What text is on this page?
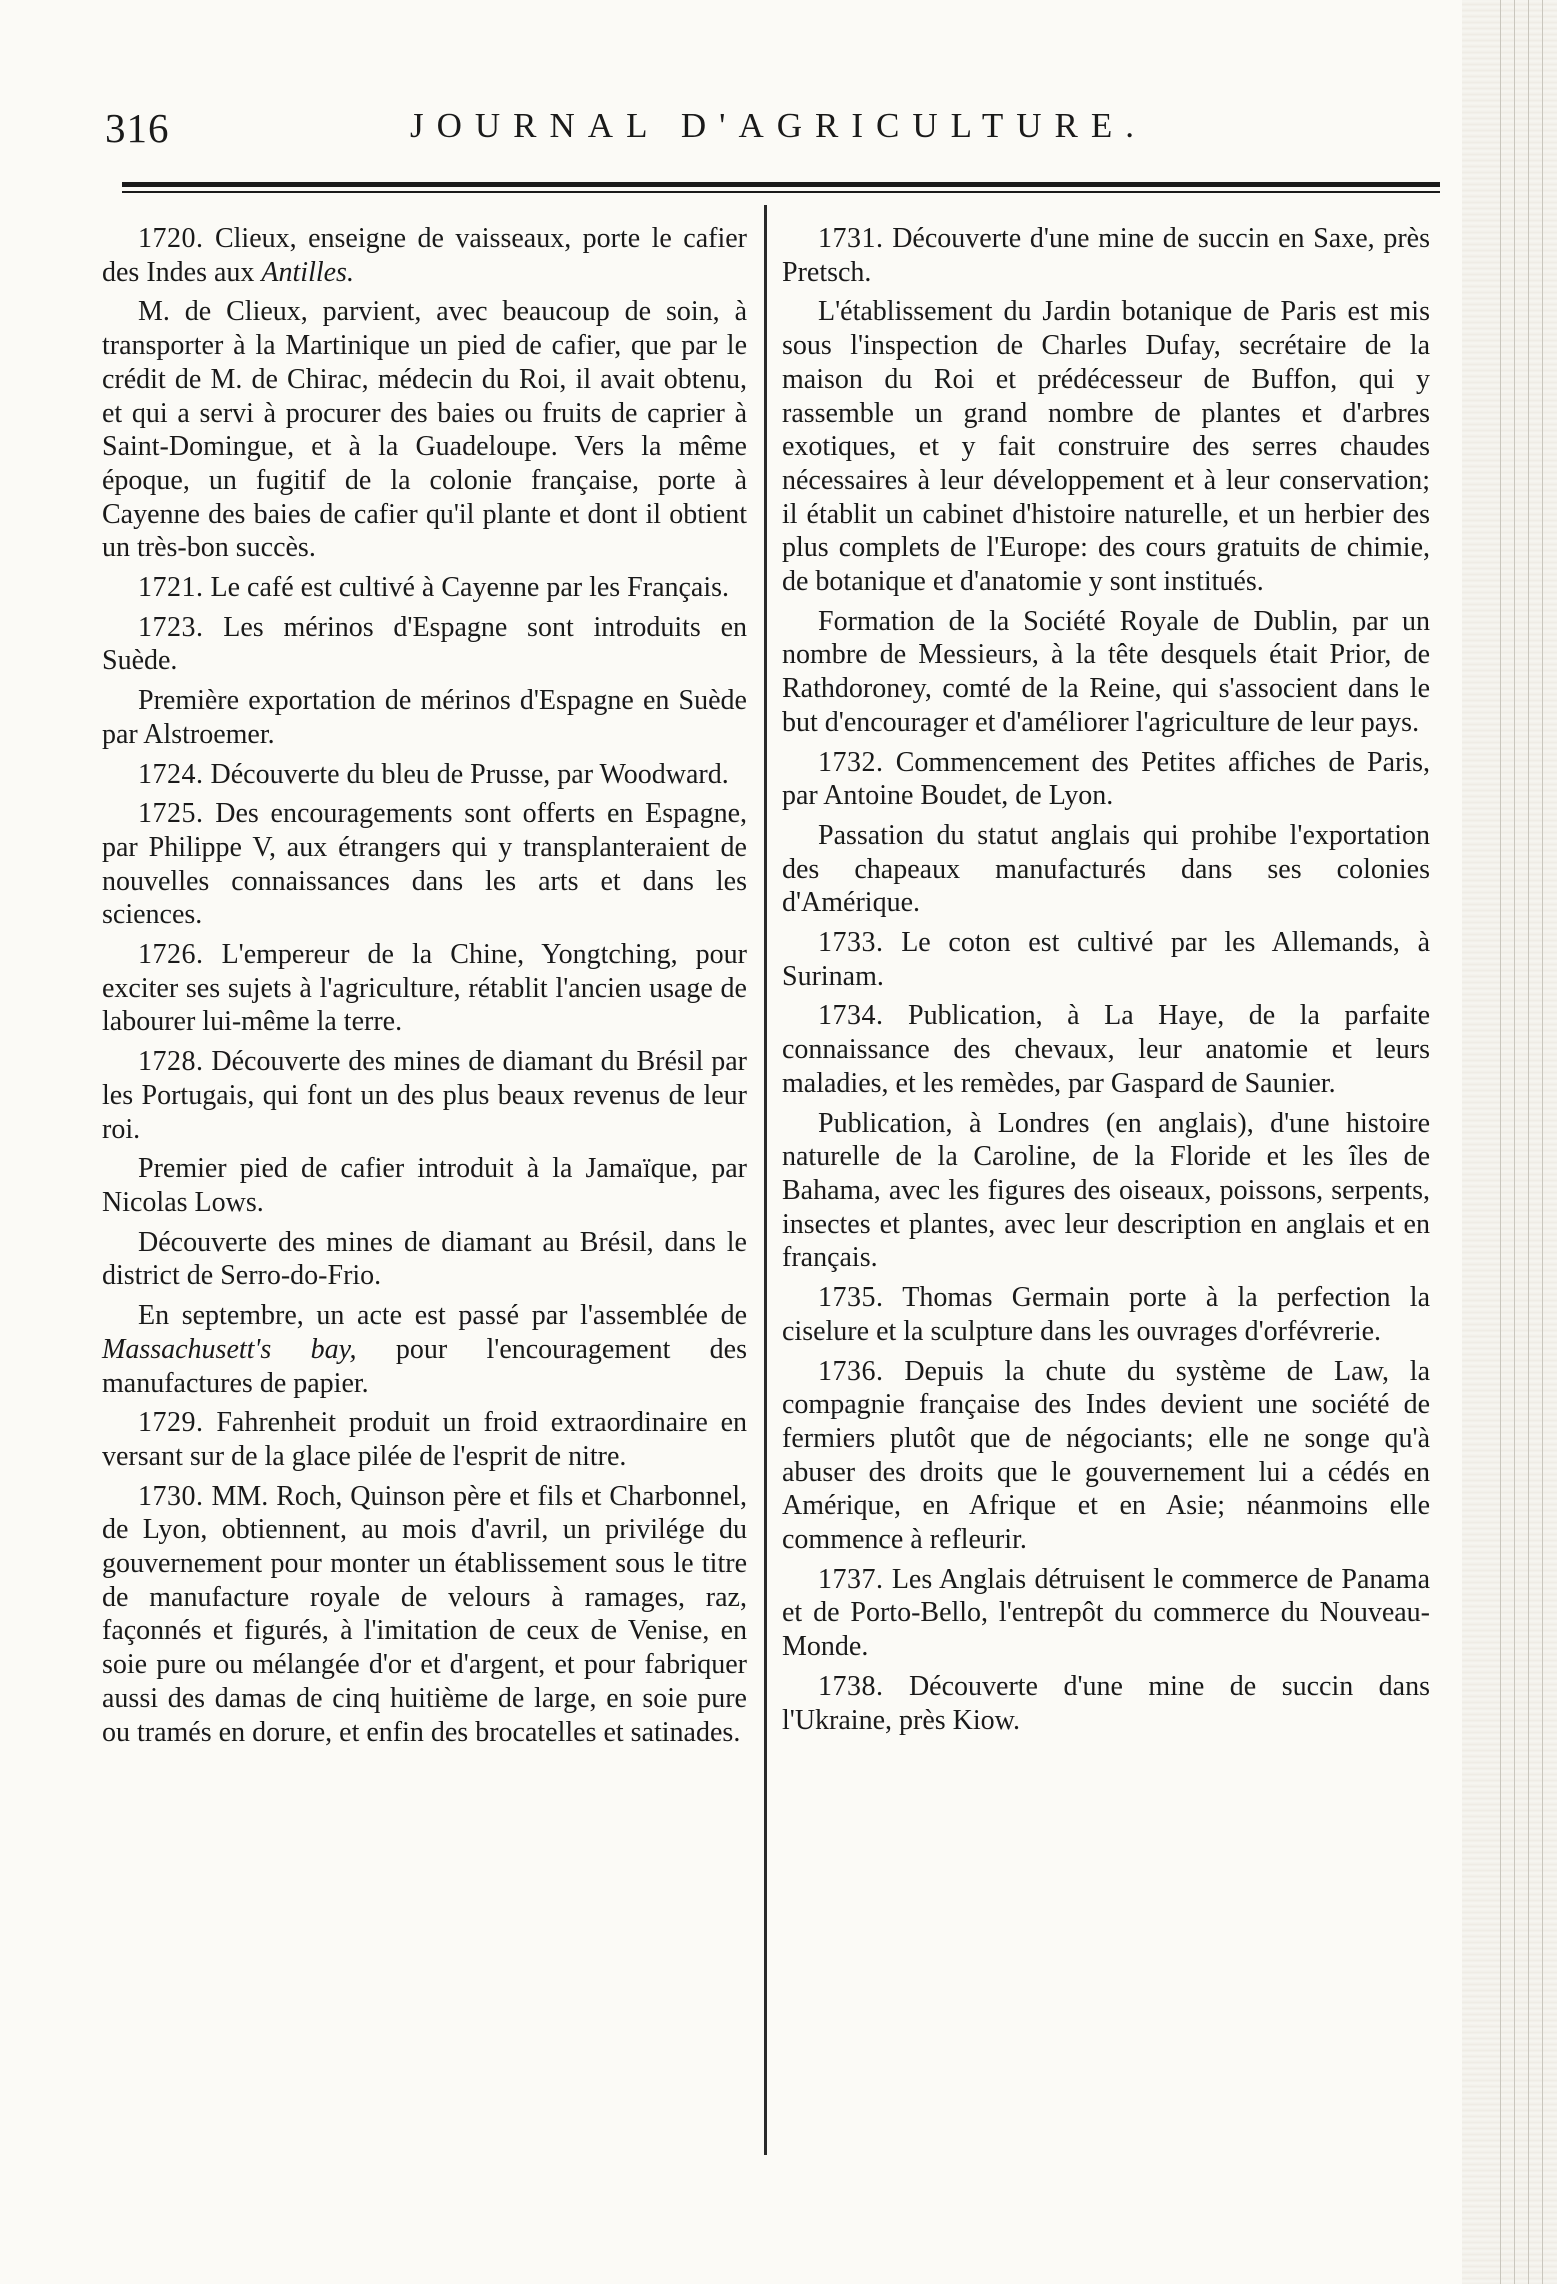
316	JOURNAL D'AGRICULTURE.

1720. Clieux, enseigne de vaisseaux, porte le cafier des Indes aux Antilles.

M. de Clieux, parvient, avec beaucoup de soin, à transporter à la Martinique un pied de cafier, que par le crédit de M. de Chirac, médecin du Roi, il avait obtenu, et qui a servi à procurer des baies ou fruits de caprier à Saint-Domingue, et à la Guadeloupe. Vers la même époque, un fugitif de la colonie française, porte à Cayenne des baies de cafier qu'il plante et dont il obtient un très-bon succès.

1721. Le café est cultivé à Cayenne par les Français.

1723. Les mérinos d'Espagne sont introduits en Suède.

Première exportation de mérinos d'Espagne en Suède par Alstroemer.

1724. Découverte du bleu de Prusse, par Woodward.

1725. Des encouragements sont offerts en Espagne, par Philippe V, aux étrangers qui y transplanteraient de nouvelles connaissances dans les arts et dans les sciences.

1726. L'empereur de la Chine, Yongtching, pour exciter ses sujets à l'agriculture, rétablit l'ancien usage de labourer lui-même la terre.

1728. Découverte des mines de diamant du Brésil par les Portugais, qui font un des plus beaux revenus de leur roi.

Premier pied de cafier introduit à la Jamaïque, par Nicolas Lows.

Découverte des mines de diamant au Brésil, dans le district de Serro-do-Frio.

En septembre, un acte est passé par l'assemblée de Massachusett's bay, pour l'encouragement des manufactures de papier.

1729. Fahrenheit produit un froid extraordinaire en versant sur de la glace pilée de l'esprit de nitre.

1730. MM. Roch, Quinson père et fils et Charbonnel, de Lyon, obtiennent, au mois d'avril, un privilége du gouvernement pour monter un établissement sous le titre de manufacture royale de velours à ramages, raz, façonnés et figurés, à l'imitation de ceux de Venise, en soie pure ou mélangée d'or et d'argent, et pour fabriquer aussi des damas de cinq huitième de large, en soie pure ou tramés en dorure, et enfin des brocatelles et satinades.

1731. Découverte d'une mine de succin en Saxe, près Pretsch.

L'établissement du Jardin botanique de Paris est mis sous l'inspection de Charles Dufay, secrétaire de la maison du Roi et prédécesseur de Buffon, qui y rassemble un grand nombre de plantes et d'arbres exotiques, et y fait construire des serres chaudes nécessaires à leur développement et à leur conservation; il établit un cabinet d'histoire naturelle, et un herbier des plus complets de l'Europe: des cours gratuits de chimie, de botanique et d'anatomie y sont institués.

Formation de la Société Royale de Dublin, par un nombre de Messieurs, à la tête desquels était Prior, de Rathdoroney, comté de la Reine, qui s'associent dans le but d'encourager et d'améliorer l'agriculture de leur pays.

1732. Commencement des Petites affiches de Paris, par Antoine Boudet, de Lyon.

Passation du statut anglais qui prohibe l'exportation des chapeaux manufacturés dans ses colonies d'Amérique.

1733. Le coton est cultivé par les Allemands, à Surinam.

1734. Publication, à La Haye, de la parfaite connaissance des chevaux, leur anatomie et leurs maladies, et les remèdes, par Gaspard de Saunier.

Publication, à Londres (en anglais), d'une histoire naturelle de la Caroline, de la Floride et les îles de Bahama, avec les figures des oiseaux, poissons, serpents, insectes et plantes, avec leur description en anglais et en français.

1735. Thomas Germain porte à la perfection la ciselure et la sculpture dans les ouvrages d'orfévrerie.

1736. Depuis la chute du système de Law, la compagnie française des Indes devient une société de fermiers plutôt que de négociants; elle ne songe qu'à abuser des droits que le gouvernement lui a cédés en Amérique, en Afrique et en Asie; néanmoins elle commence à refleurir.

1737. Les Anglais détruisent le commerce de Panama et de Porto-Bello, l'entrepôt du commerce du Nouveau-Monde.

1738. Découverte d'une mine de succin dans l'Ukraine, près Kiow.
